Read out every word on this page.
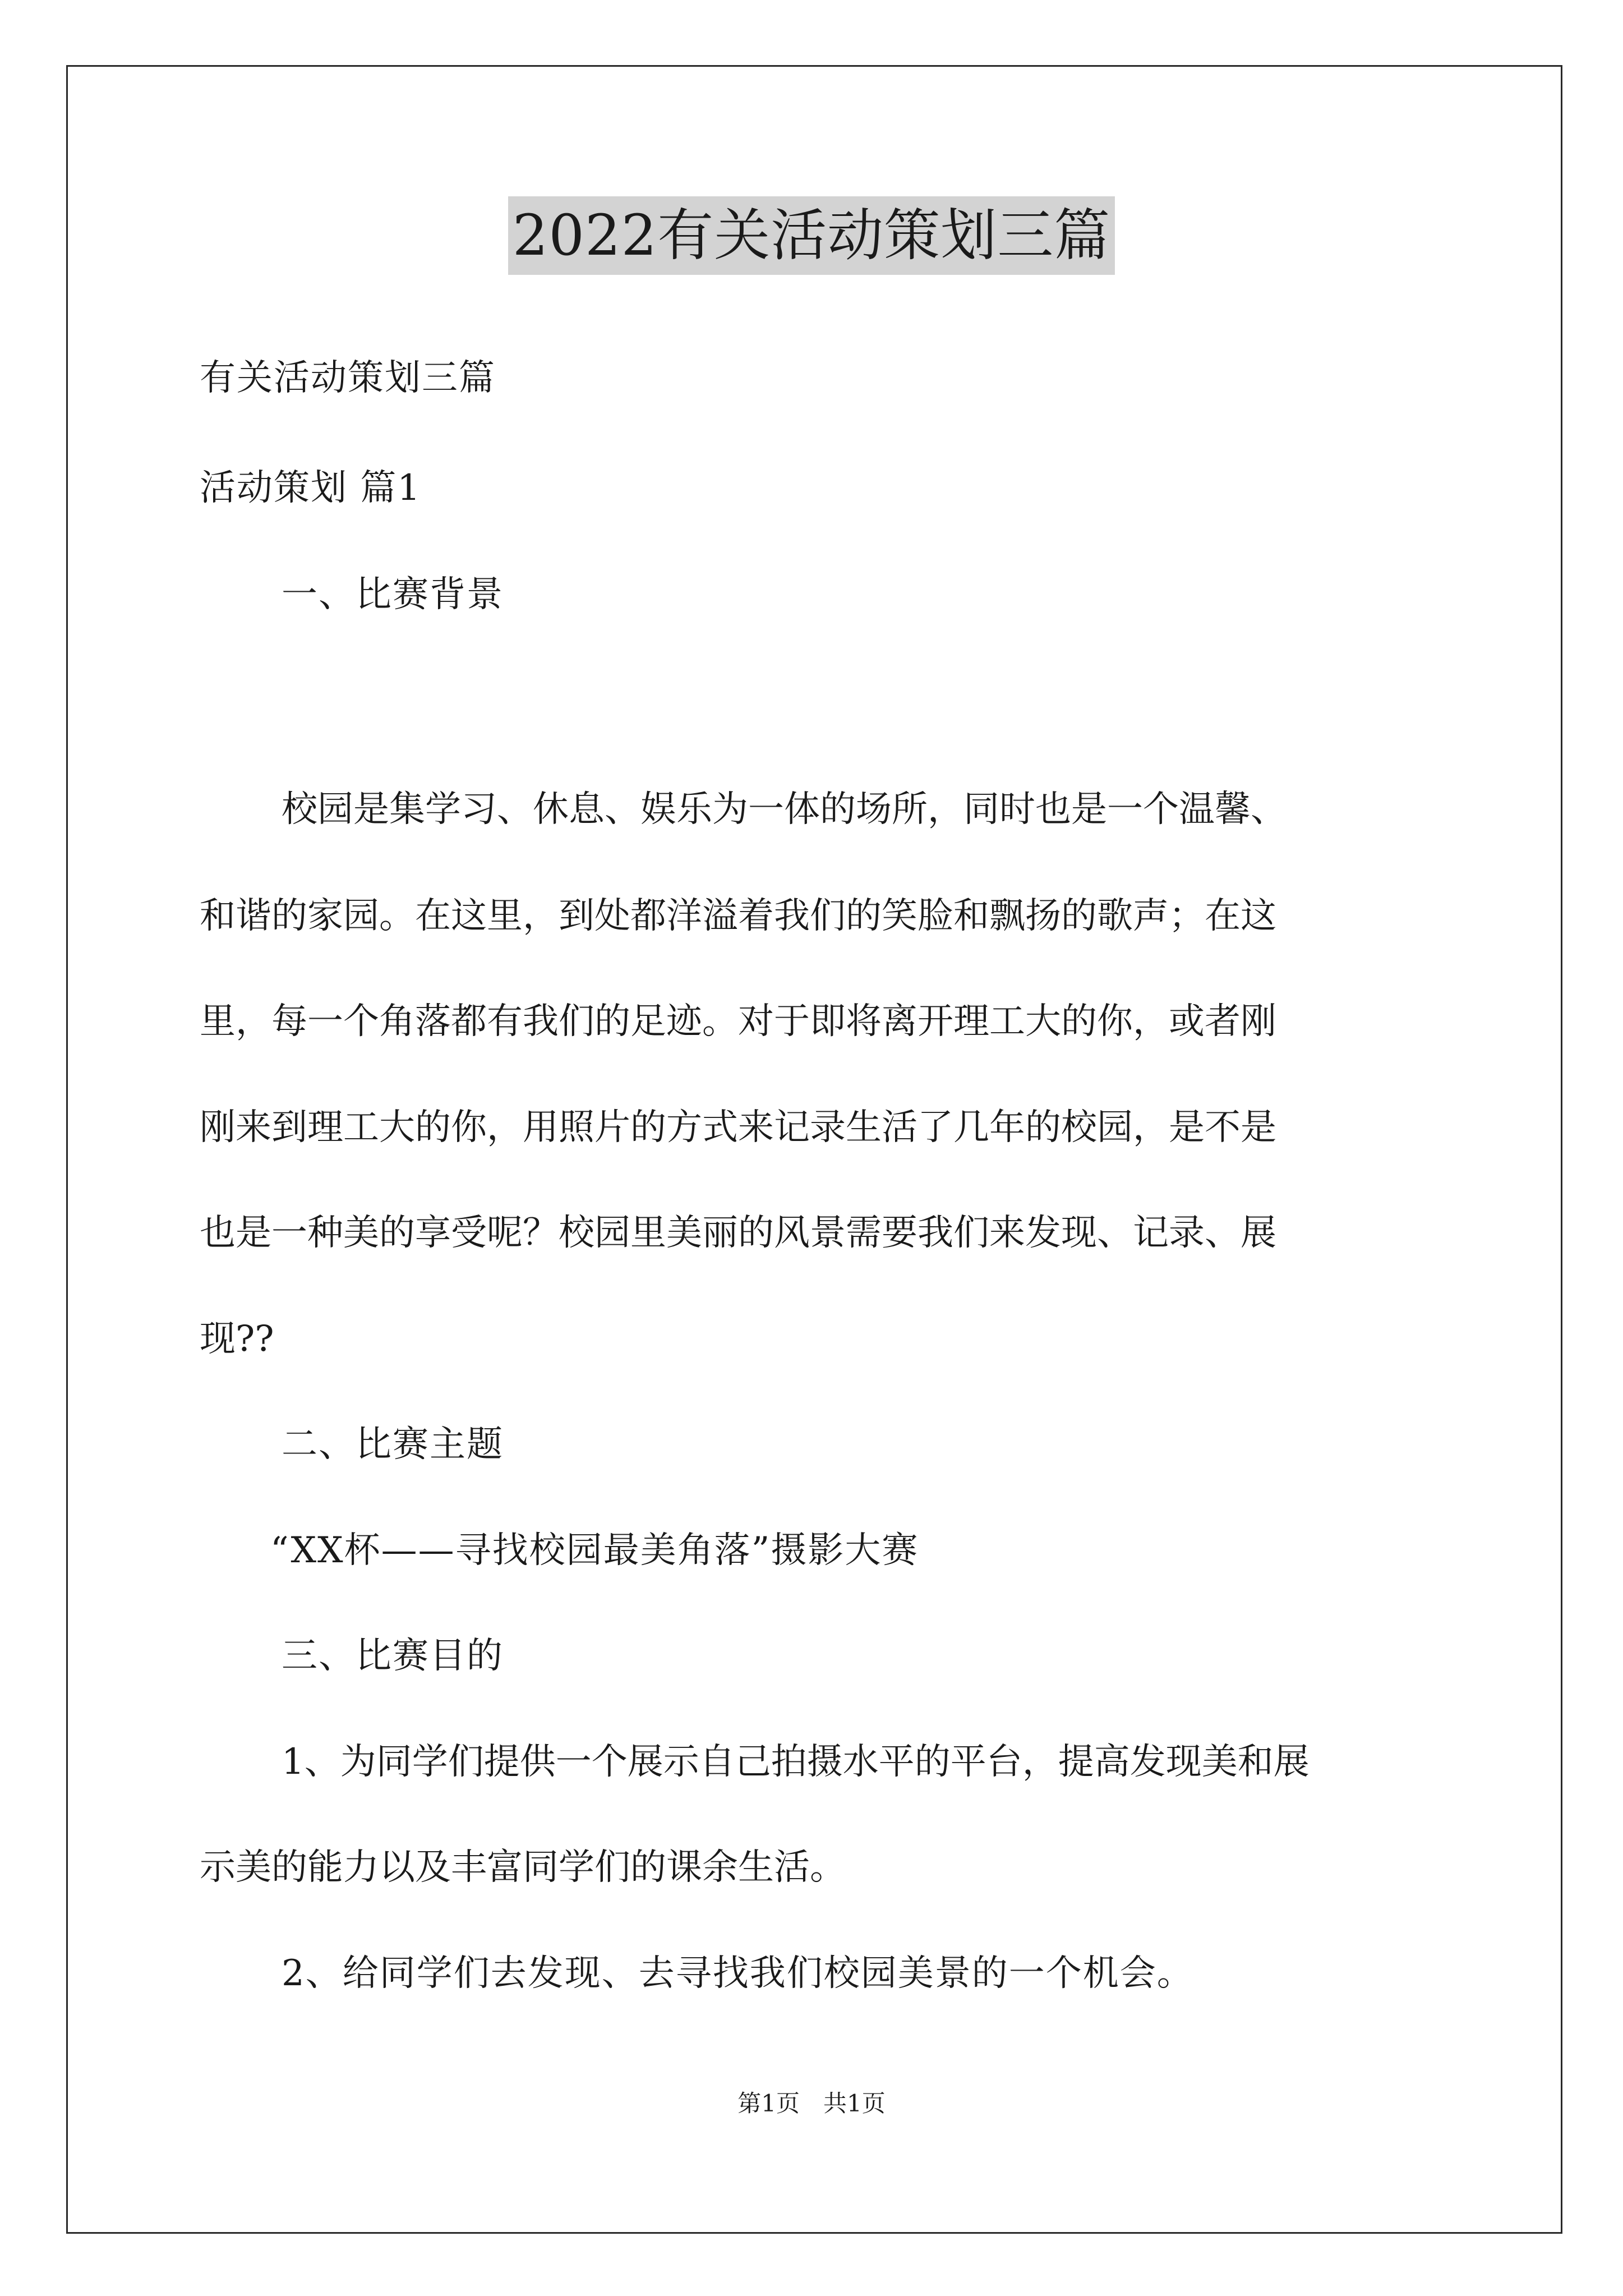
2022有关活动策划三篇
有关活动策划三篇
活动策划 篇1
一、比赛背景
校园是集学习、休息、娱乐为一体的场所，同时也是一个温馨、
和谐的家园。在这里，到处都洋溢着我们的笑脸和飘扬的歌声；在这
里，每一个角落都有我们的足迹。对于即将离开理工大的你，或者刚
刚来到理工大的你，用照片的方式来记录生活了几年的校园，是不是
也是一种美的享受呢？校园里美丽的风景需要我们来发现、记录、展
现??
二、比赛主题
“XX杯——寻找校园最美角落”摄影大赛
三、比赛目的
1、为同学们提供一个展示自己拍摄水平的平台，提高发现美和展
示美的能力以及丰富同学们的课余生活。
2、给同学们去发现、去寻找我们校园美景的一个机会。
第1页　共1页
